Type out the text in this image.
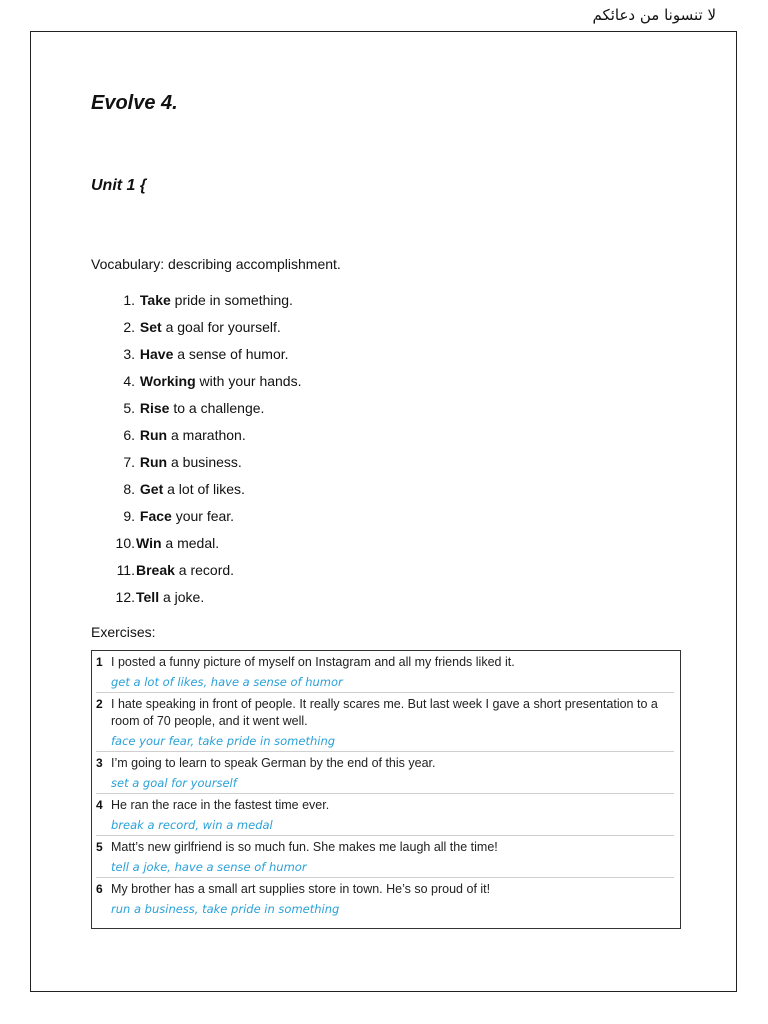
لا تنسونا من دعائكم
Evolve 4.
Unit 1 {

Vocabulary: describing accomplishment.

1.
Take pride in something.
2.
Set a goal for yourself.
3.
Have a sense of humor.
4.
Working with your hands.
5.
Rise to a challenge.
6.
Run a marathon.
7.
Run a business.
8.
Get a lot of likes.
9.
Face your fear.
10. Win a medal.
11. Break a record.
12. Tell a joke.

Exercises:

1 I posted a funny picture of myself on Instagram and all my friends liked it.
get a lot of likes, have a sense of humor
2 I hate speaking in front of people. It really scares me. But last week I gave a short presentation to a room of 70 people, and it went well.
face your fear, take pride in something
3 I’m going to learn to speak German by the end of this year.
set a goal for yourself
4 He ran the race in the fastest time ever.
break a record, win a medal
5 Matt’s new girlfriend is so much fun. She makes me laugh all the time!
tell a joke, have a sense of humor
6 My brother has a small art supplies store in town. He’s so proud of it!
run a business, take pride in something
